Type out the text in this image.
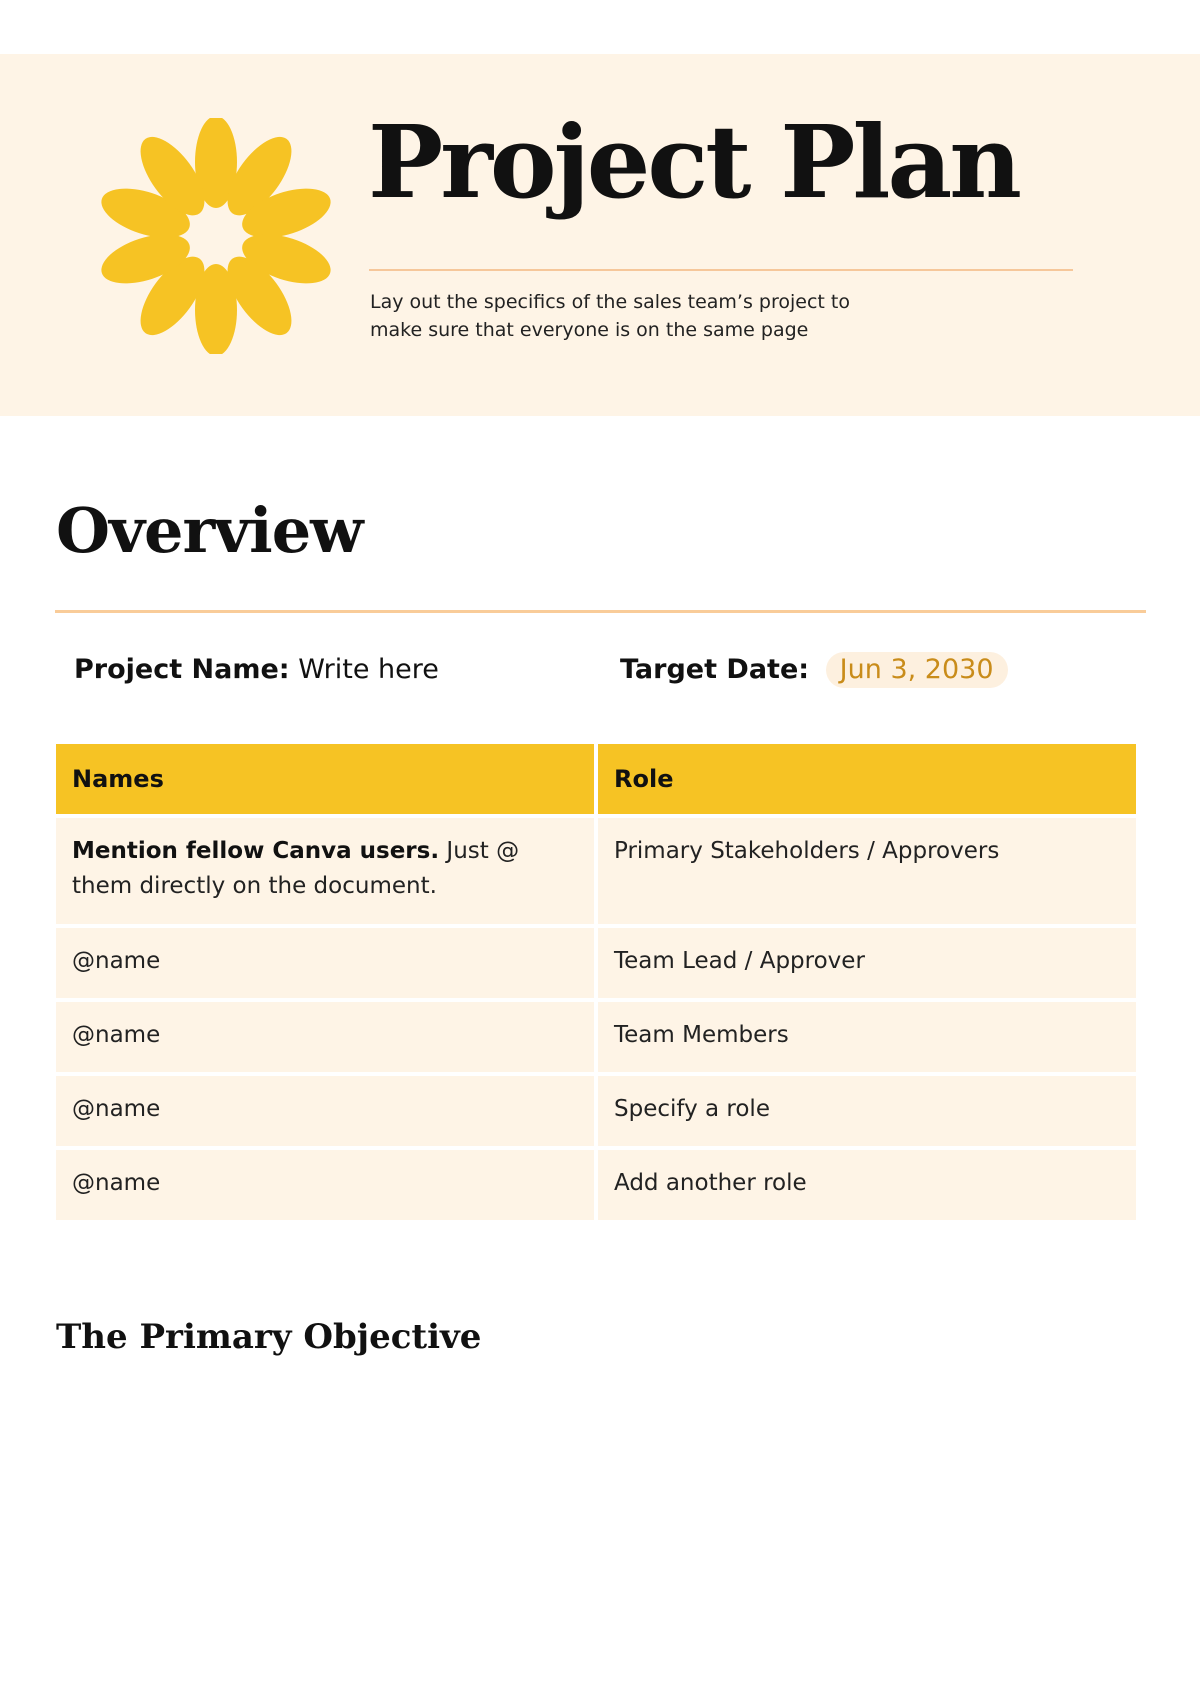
Project Plan

Lay out the specifics of the sales team’s project to
make sure that everyone is on the same page

Overview
Project Name: Write here	Target Date: Jun 3, 2030
Names	Role
Mention fellow Canva users. Just @ them directly on the document.	Primary Stakeholders / Approvers
@name	Team Lead / Approver
@name	Team Members
@name	Specify a role
@name	Add another role
The Primary Objective
